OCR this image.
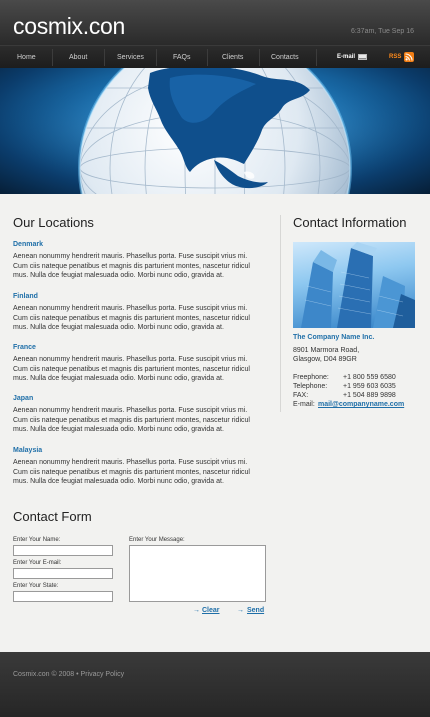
cosmix.con	6:37am, Tue Sep 16
Home	About	Services	FAQs	Clients	Contacts	E-mail	RSS
Our Locations
Denmark
Aenean nonummy hendrerit mauris. Phasellus porta. Fuse suscipit vrius mi.
Cum ciis nateque penatibus et magnis dis parturient montes, nascetur ridicul
mus. Nulla dce feugiat malesuada odio. Morbi nunc odio, gravida at.
Finland
Aenean nonummy hendrerit mauris. Phasellus porta. Fuse suscipit vrius mi.
Cum ciis nateque penatibus et magnis dis parturient montes, nascetur ridicul
mus. Nulla dce feugiat malesuada odio. Morbi nunc odio, gravida at.
France
Aenean nonummy hendrerit mauris. Phasellus porta. Fuse suscipit vrius mi.
Cum ciis nateque penatibus et magnis dis parturient montes, nascetur ridicul
mus. Nulla dce feugiat malesuada odio. Morbi nunc odio, gravida at.
Japan
Aenean nonummy hendrerit mauris. Phasellus porta. Fuse suscipit vrius mi.
Cum ciis nateque penatibus et magnis dis parturient montes, nascetur ridicul
mus. Nulla dce feugiat malesuada odio. Morbi nunc odio, gravida at.
Malaysia
Aenean nonummy hendrerit mauris. Phasellus porta. Fuse suscipit vrius mi.
Cum ciis nateque penatibus et magnis dis parturient montes, nascetur ridicul
mus. Nulla dce feugiat malesuada odio. Morbi nunc odio, gravida at.
Contact Information
The Company Name Inc.
8901 Marmora Road,
Glasgow, D04 89GR
Freephone: +1 800 559 6580
Telephone: +1 959 603 6035
FAX:	+1 504 889 9898
E-mail: mail@companyname.com
Contact Form
Enter Your Name:
Enter Your E-mail:
Enter Your State:
Enter Your Message:
→ Clear → Send
Cosmix.con © 2008 • Privacy Policy
